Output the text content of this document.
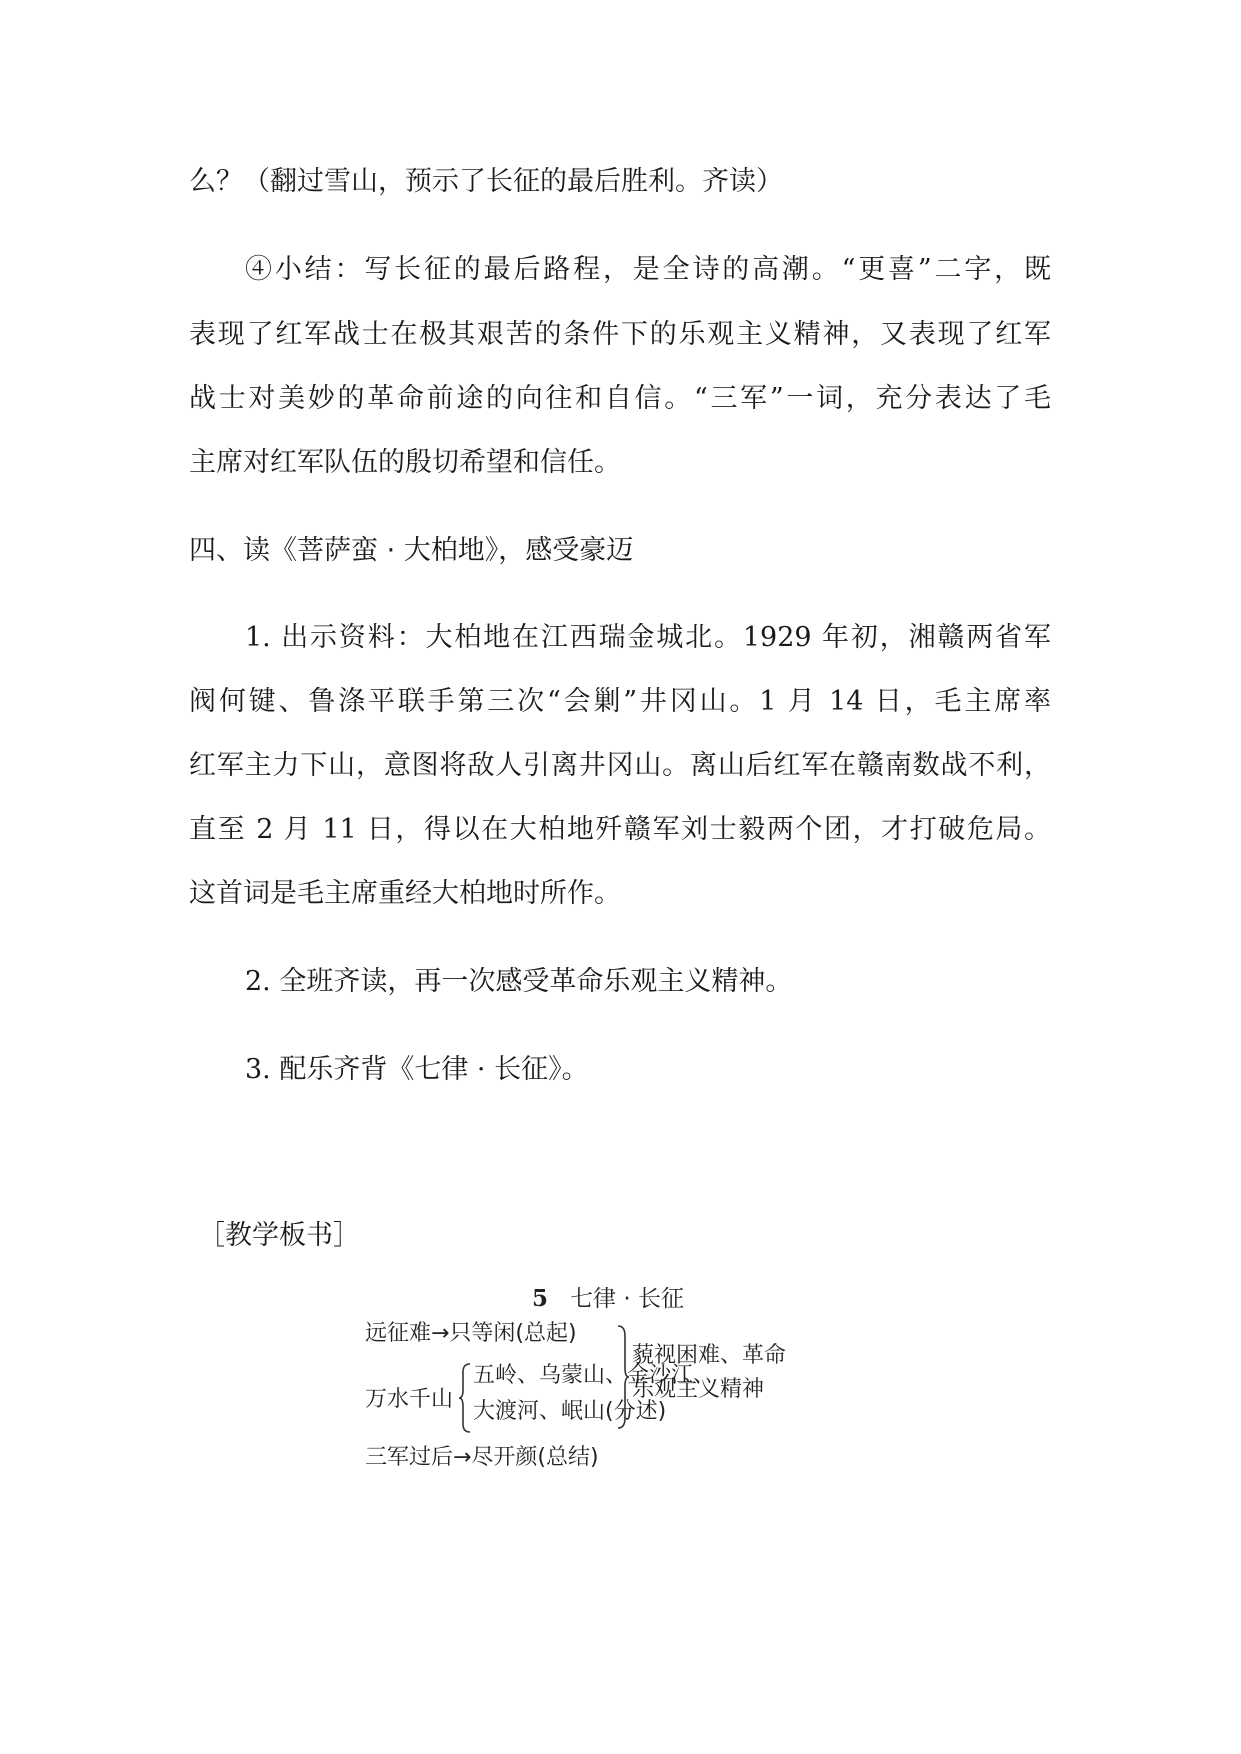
么？（翻过雪山，预示了长征的最后胜利。齐读）
④小结：写长征的最后路程，是全诗的高潮。“更喜”二字，既
表现了红军战士在极其艰苦的条件下的乐观主义精神，又表现了红军
战士对美妙的革命前途的向往和自信。“三军”一词，充分表达了毛
主席对红军队伍的殷切希望和信任。
四、读《菩萨蛮 · 大柏地》，感受豪迈
1. 出示资料：大柏地在江西瑞金城北。1929 年初，湘赣两省军
阀何键、鲁涤平联手第三次“会剿”井冈山。1 月 14 日，毛主席率
红军主力下山，意图将敌人引离井冈山。离山后红军在赣南数战不利，
直至 2 月 11 日，得以在大柏地歼赣军刘士毅两个团，才打破危局。
这首词是毛主席重经大柏地时所作。
2. 全班齐读，再一次感受革命乐观主义精神。
3. 配乐齐背《七律 · 长征》。
［教学板书］
5 七律 · 长征
远征难→只等闲(总起)
万水千山
五岭、乌蒙山、金沙江、
大渡河、岷山(分述)
三军过后→尽开颜(总结)
藐视困难、革命
乐观主义精神
